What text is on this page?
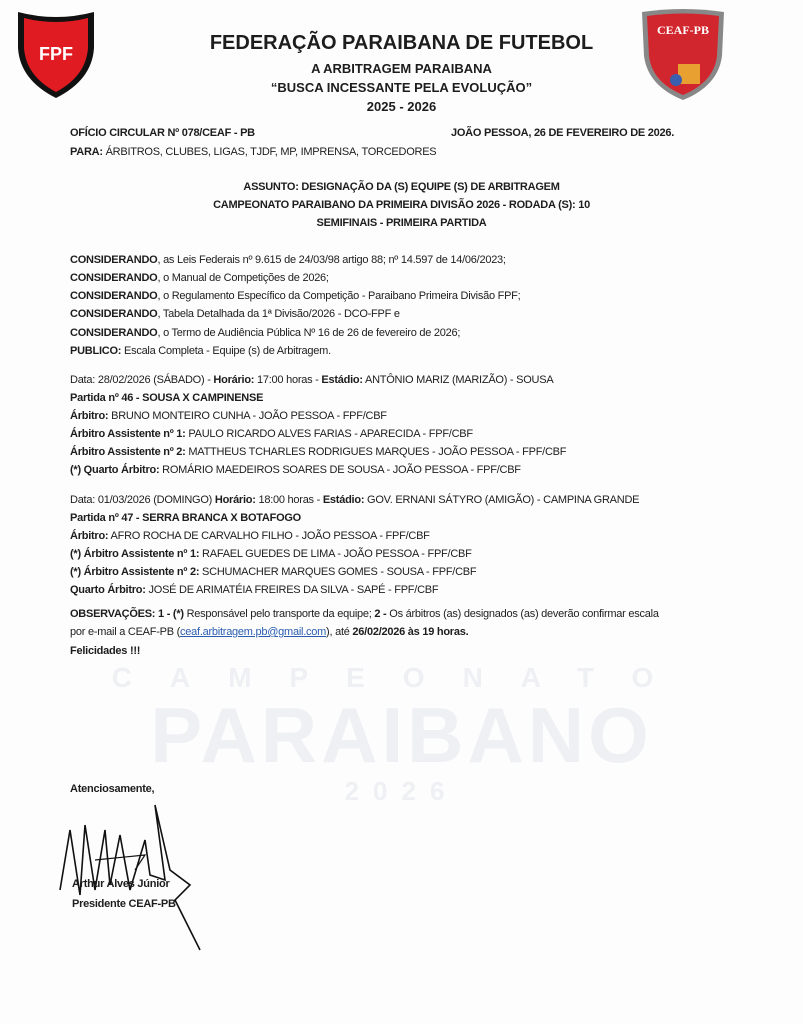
CAMPEONATO
PARAIBANO
2026
FPF
CEAF-PB
FEDERAÇÃO PARAIBANA DE FUTEBOL
A ARBITRAGEM PARAIBANA
“BUSCA INCESSANTE PELA EVOLUÇÃO”
2025 - 2026
OFÍCIO CIRCULAR Nº 078/CEAF - PB	JOÃO PESSOA, 26 DE FEVEREIRO DE 2026.
PARA: ÁRBITROS, CLUBES, LIGAS, TJDF, MP, IMPRENSA, TORCEDORES
ASSUNTO: DESIGNAÇÃO DA (S) EQUIPE (S) DE ARBITRAGEM
CAMPEONATO PARAIBANO DA PRIMEIRA DIVISÃO 2026 - RODADA (S): 10
SEMIFINAIS - PRIMEIRA PARTIDA
CONSIDERANDO, as Leis Federais nº 9.615 de 24/03/98 artigo 88; nº 14.597 de 14/06/2023;
CONSIDERANDO, o Manual de Competições de 2026;
CONSIDERANDO, o Regulamento Específico da Competição - Paraibano Primeira Divisão FPF;
CONSIDERANDO, Tabela Detalhada da 1ª Divisão/2026 - DCO-FPF e
CONSIDERANDO, o Termo de Audiência Pública Nº 16 de 26 de fevereiro de 2026;
PUBLICO: Escala Completa - Equipe (s) de Arbitragem.
Data: 28/02/2026 (SÁBADO) - Horário: 17:00 horas - Estádio: ANTÔNIO MARIZ (MARIZÃO) - SOUSA
Partida nº 46 - SOUSA X CAMPINENSE
Árbitro: BRUNO MONTEIRO CUNHA - JOÃO PESSOA - FPF/CBF
Árbitro Assistente nº 1: PAULO RICARDO ALVES FARIAS - APARECIDA - FPF/CBF
Árbitro Assistente nº 2: MATTHEUS TCHARLES RODRIGUES MARQUES - JOÃO PESSOA - FPF/CBF
(*) Quarto Árbitro: ROMÁRIO MAEDEIROS SOARES DE SOUSA - JOÃO PESSOA - FPF/CBF
Data: 01/03/2026 (DOMINGO) Horário: 18:00 horas - Estádio: GOV. ERNANI SÁTYRO (AMIGÃO) - CAMPINA GRANDE
Partida nº 47 - SERRA BRANCA X BOTAFOGO
Árbitro: AFRO ROCHA DE CARVALHO FILHO - JOÃO PESSOA - FPF/CBF
(*) Árbitro Assistente nº 1: RAFAEL GUEDES DE LIMA - JOÃO PESSOA - FPF/CBF
(*) Árbitro Assistente nº 2: SCHUMACHER MARQUES GOMES - SOUSA - FPF/CBF
Quarto Árbitro: JOSÉ DE ARIMATÉIA FREIRES DA SILVA - SAPÉ - FPF/CBF
OBSERVAÇÕES: 1 - (*) Responsável pelo transporte da equipe; 2 - Os árbitros (as) designados (as) deverão confirmar escala
por e-mail a CEAF-PB (ceaf.arbitragem.pb@gmail.com), até 26/02/2026 às 19 horas.
Felicidades !!!
Atenciosamente,
Arthur Alves Júnior
Presidente CEAF-PB
